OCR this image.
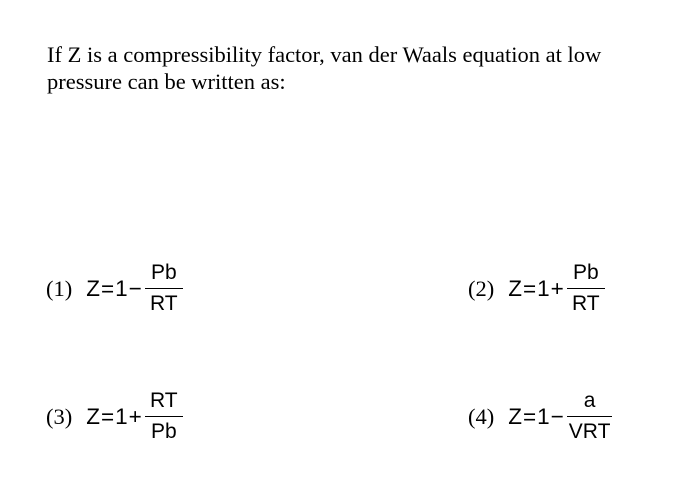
If Z is a compressibility factor, van der Waals equation at low pressure can be written as:

(1) $Z=1- \frac{Pb}{RT}$	(2) $Z=1+ \frac{Pb}{RT}$
(3) $Z=1+ \frac{RT}{Pb}$	(4) $Z=1- \frac{a}{\text{VRT}}$
